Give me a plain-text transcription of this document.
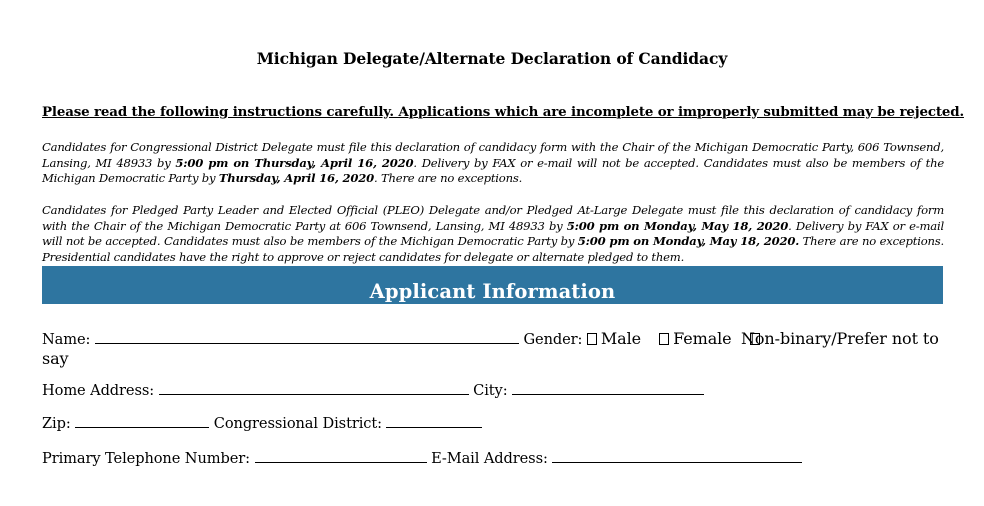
Michigan Delegate/Alternate Declaration of Candidacy
Please read the following instructions carefully. Applications which are incomplete or improperly submitted may be rejected.
Candidates for Congressional District Delegate must file this declaration of candidacy form with the Chair of the Michigan Democratic Party, 606 Townsend, Lansing, MI 48933 by 5:00 pm on Thursday, April 16, 2020. Delivery by FAX or e-mail will not be accepted. Candidates must also be members of the Michigan Democratic Party by Thursday, April 16, 2020. There are no exceptions.
Candidates for Pledged Party Leader and Elected Official (PLEO) Delegate and/or Pledged At-Large Delegate must file this declaration of candidacy form with the Chair of the Michigan Democratic Party at 606 Townsend, Lansing, MI 48933 by 5:00 pm on Monday, May 18, 2020. Delivery by FAX or e-mail will not be accepted. Candidates must also be members of the Michigan Democratic Party by 5:00 pm on Monday, May 18, 2020. There are no exceptions. Presidential candidates have the right to approve or reject candidates for delegate or alternate pledged to them.
Applicant Information
Name:	Gender: Male Female Non-binary/Prefer not to
Home Address:	City:
Zip:	Congressional District:
Primary Telephone Number:	E-Mail Address:
say
